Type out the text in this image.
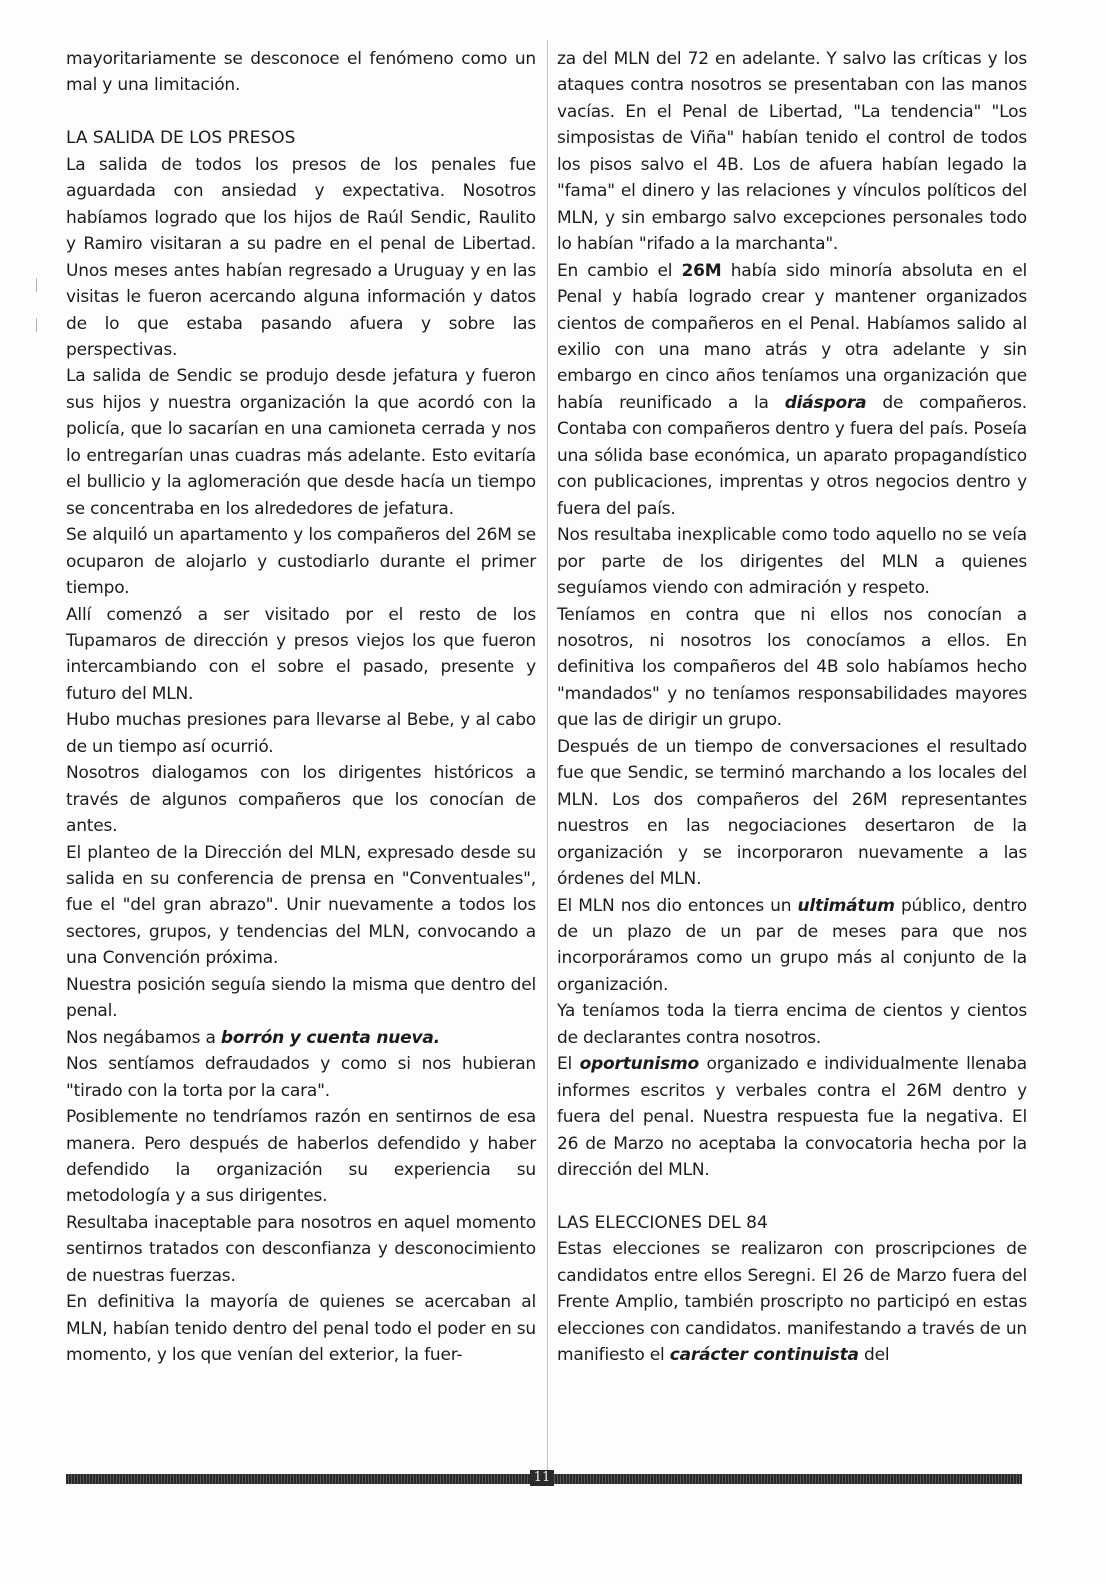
mayoritariamente se desconoce el fenómeno como un mal y una limitación.

LA SALIDA DE LOS PRESOS

La salida de todos los presos de los penales fue aguardada con ansiedad y expectativa. Nosotros habíamos logrado que los hijos de Raúl Sendic, Raulito y Ramiro visitaran a su padre en el penal de Libertad. Unos meses antes habían regresado a Uruguay y en las visitas le fueron acercando alguna información y datos de lo que estaba pasando afuera y sobre las perspectivas.

La salida de Sendic se produjo desde jefatura y fueron sus hijos y nuestra organización la que acordó con la policía, que lo sacarían en una camioneta cerrada y nos lo entregarían unas cuadras más adelante. Esto evitaría el bullicio y la aglomeración que desde hacía un tiempo se concentraba en los alrededores de jefatura.

Se alquiló un apartamento y los compañeros del 26M se ocuparon de alojarlo y custodiarlo durante el primer tiempo.

Allí comenzó a ser visitado por el resto de los Tupamaros de dirección y presos viejos los que fueron intercambiando con el sobre el pasado, presente y futuro del MLN.

Hubo muchas presiones para llevarse al Bebe, y al cabo de un tiempo así ocurrió.

Nosotros dialogamos con los dirigentes históricos a través de algunos compañeros que los conocían de antes.

El planteo de la Dirección del MLN, expresado desde su salida en su conferencia de prensa en "Conventuales", fue el "del gran abrazo". Unir nuevamente a todos los sectores, grupos, y tendencias del MLN, convocando a una Convención próxima.

Nuestra posición seguía siendo la misma que dentro del penal.

Nos negábamos a borrón y cuenta nueva.

Nos sentíamos defraudados y como si nos hubieran "tirado con la torta por la cara".

Posiblemente no tendríamos razón en sentirnos de esa manera. Pero después de haberlos defendido y haber defendido la organización su experiencia su metodología y a sus dirigentes.

Resultaba inaceptable para nosotros en aquel momento sentirnos tratados con desconfianza y desconocimiento de nuestras fuerzas.

En definitiva la mayoría de quienes se acercaban al MLN, habían tenido dentro del penal todo el poder en su momento, y los que venían del exterior, la fuer-

za del MLN del 72 en adelante. Y salvo las críticas y los ataques contra nosotros se presentaban con las manos vacías. En el Penal de Libertad, "La tendencia" "Los simposistas de Viña" habían tenido el control de todos los pisos salvo el 4B. Los de afuera habían legado la "fama" el dinero y las relaciones y vínculos políticos del MLN, y sin embargo salvo excepciones personales todo lo habían "rifado a la marchanta".

En cambio el 26M había sido minoría absoluta en el Penal y había logrado crear y mantener organizados cientos de compañeros en el Penal. Habíamos salido al exilio con una mano atrás y otra adelante y sin embargo en cinco años teníamos una organización que había reunificado a la diáspora de compañeros. Contaba con compañeros dentro y fuera del país. Poseía una sólida base económica, un aparato propagandístico con publicaciones, imprentas y otros negocios dentro y fuera del país.

Nos resultaba inexplicable como todo aquello no se veía por parte de los dirigentes del MLN a quienes seguíamos viendo con admiración y respeto.

Teníamos en contra que ni ellos nos conocían a nosotros, ni nosotros los conocíamos a ellos. En definitiva los compañeros del 4B solo habíamos hecho "mandados" y no teníamos responsabilidades mayores que las de dirigir un grupo.

Después de un tiempo de conversaciones el resultado fue que Sendic, se terminó marchando a los locales del MLN. Los dos compañeros del 26M representantes nuestros en las negociaciones desertaron de la organización y se incorporaron nuevamente a las órdenes del MLN.

El MLN nos dio entonces un ultimátum público, dentro de un plazo de un par de meses para que nos incorporáramos como un grupo más al conjunto de la organización.

Ya teníamos toda la tierra encima de cientos y cientos de declarantes contra nosotros.

El oportunismo organizado e individualmente llenaba informes escritos y verbales contra el 26M dentro y fuera del penal. Nuestra respuesta fue la negativa. El 26 de Marzo no aceptaba la convocatoria hecha por la dirección del MLN.

LAS ELECCIONES DEL 84

Estas elecciones se realizaron con proscripciones de candidatos entre ellos Seregni. El 26 de Marzo fuera del Frente Amplio, también proscripto no participó en estas elecciones con candidatos. manifestando a través de un manifiesto el carácter continuista del

11
